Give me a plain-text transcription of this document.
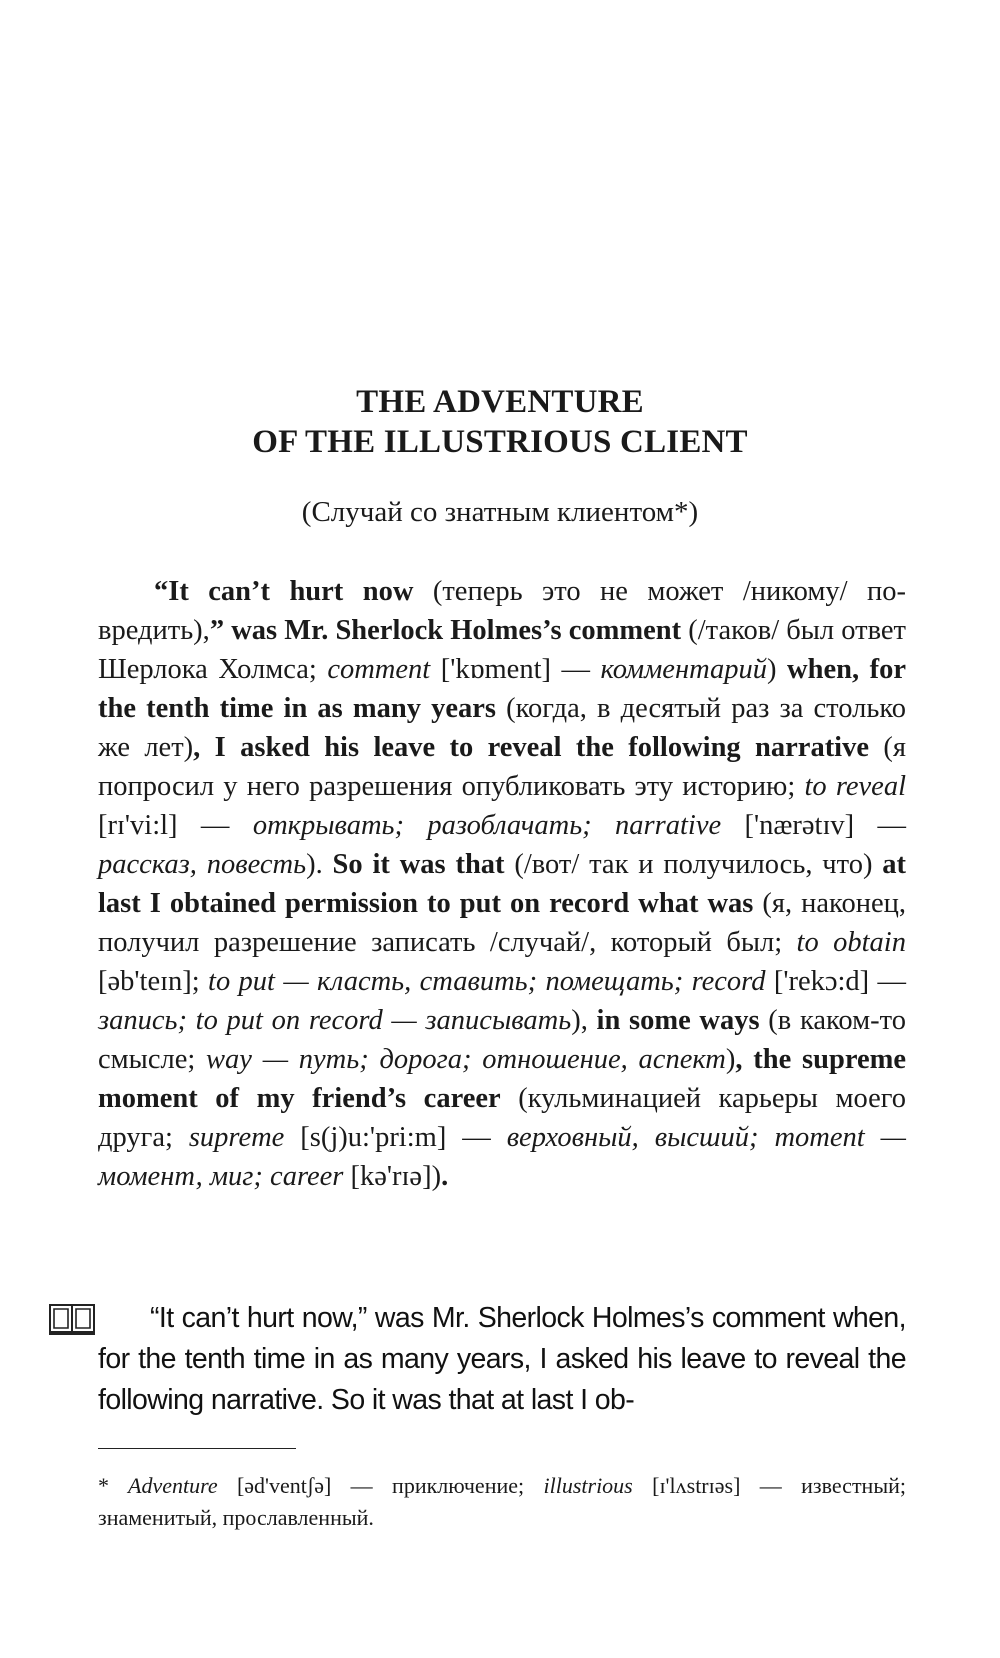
THE ADVENTURE
OF THE ILLUSTRIOUS CLIENT
(Случай со знатным клиентом*)
“It can’t hurt now (теперь это не может /никому/ повредить),” was Mr. Sherlock Holmes’s comment (/таков/ был ответ Шерлока Холмса; comment ['kɒment] — комментарий) when, for the tenth time in as many years (когда, в десятый раз за столько же лет), I asked his leave to reveal the following narrative (я попросил у него разрешения опубликовать эту историю; to reveal [rɪ'vi:l] — открывать; разоблачать; narrative ['nærətɪv] — рассказ, повесть). So it was that (/вот/ так и получилось, что) at last I obtained permission to put on record what was (я, наконец, получил разрешение записать /случай/, который был; to obtain [əb'teɪn]; to put — класть, ставить; помещать; record ['rekɔ:d] — запись; to put on record — записывать), in some ways (в каком-то смысле; way — путь; дорога; отношение, аспект), the supreme moment of my friend’s career (кульминацией карьеры моего друга; supreme [s(j)u:'pri:m] — верховный, высший; moment — момент, миг; career [kə'rɪə]).
“It can’t hurt now,” was Mr. Sherlock Holmes’s comment when, for the tenth time in as many years, I asked his leave to reveal the following narrative. So it was that at last I ob-
* Adventure [əd'ventʃə] — приключение; illustrious [ɪ'lʌstrɪəs] — известный; знаменитый, прославленный.
